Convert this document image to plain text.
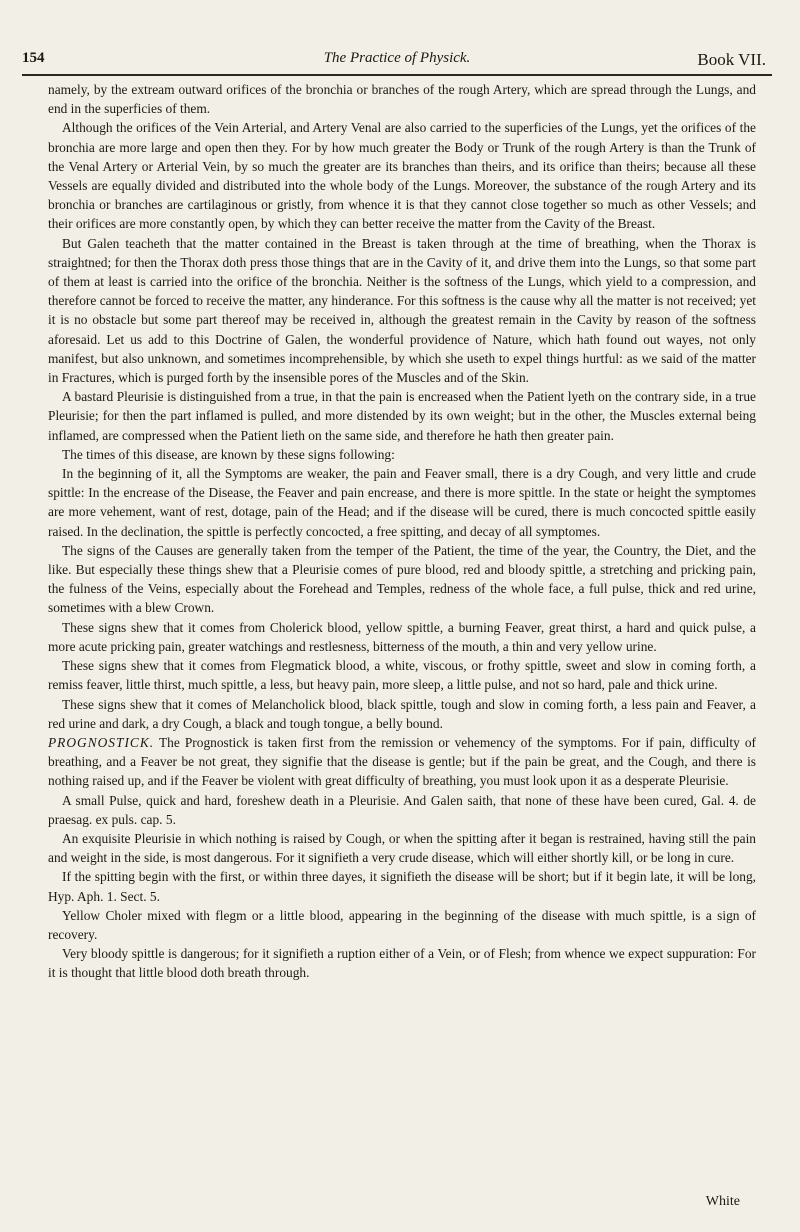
154	The Practice of Physick.	Book VII.

namely, by the extream outward orifices of the bronchia or branches of the rough Artery, which are spread through the Lungs, and end in the superficies of them.

Although the orifices of the Vein Arterial, and Artery Venal are also carried to the superficies of the Lungs, yet the orifices of the bronchia are more large and open then they. For by how much greater the Body or Trunk of the rough Artery is than the Trunk of the Venal Artery or Arterial Vein, by so much the greater are its branches than theirs, and its orifice than theirs; because all these Vessels are equally divided and distributed into the whole body of the Lungs. Moreover, the substance of the rough Artery and its bronchia or branches are cartilaginous or gristly, from whence it is that they cannot close together so much as other Vessels; and their orifices are more constantly open, by which they can better receive the matter from the Cavity of the Breast.

But Galen teacheth that the matter contained in the Breast is taken through at the time of breathing, when the Thorax is straightned; for then the Thorax doth press those things that are in the Cavity of it, and drive them into the Lungs, so that some part of them at least is carried into the orifice of the bronchia. Neither is the softness of the Lungs, which yield to a compression, and therefore cannot be forced to receive the matter, any hinderance. For this softness is the cause why all the matter is not received; yet it is no obstacle but some part thereof may be received in, although the greatest remain in the Cavity by reason of the softness aforesaid. Let us add to this Doctrine of Galen, the wonderful providence of Nature, which hath found out wayes, not only manifest, but also unknown, and sometimes incomprehensible, by which she useth to expel things hurtful: as we said of the matter in Fractures, which is purged forth by the insensible pores of the Muscles and of the Skin.

A bastard Pleurisie is distinguished from a true, in that the pain is encreased when the Patient lyeth on the contrary side, in a true Pleurisie; for then the part inflamed is pulled, and more distended by its own weight; but in the other, the Muscles external being inflamed, are compressed when the Patient lieth on the same side, and therefore he hath then greater pain.

The times of this disease, are known by these signs following:

In the beginning of it, all the Symptoms are weaker, the pain and Feaver small, there is a dry Cough, and very little and crude spittle: In the encrease of the Disease, the Feaver and pain encrease, and there is more spittle. In the state or height the symptomes are more vehement, want of rest, dotage, pain of the Head; and if the disease will be cured, there is much concocted spittle easily raised. In the declination, the spittle is perfectly concocted, a free spitting, and decay of all symptomes.

The signs of the Causes are generally taken from the temper of the Patient, the time of the year, the Country, the Diet, and the like. But especially these things shew that a Pleurisie comes of pure blood, red and bloody spittle, a stretching and pricking pain, the fulness of the Veins, especially about the Forehead and Temples, redness of the whole face, a full pulse, thick and red urine, sometimes with a blew Crown.

These signs shew that it comes from Cholerick blood, yellow spittle, a burning Feaver, great thirst, a hard and quick pulse, a more acute pricking pain, greater watchings and restlesness, bitterness of the mouth, a thin and very yellow urine.

These signs shew that it comes from Flegmatick blood, a white, viscous, or frothy spittle, sweet and slow in coming forth, a remiss feaver, little thirst, much spittle, a less, but heavy pain, more sleep, a little pulse, and not so hard, pale and thick urine.

These signs shew that it comes of Melancholick blood, black spittle, tough and slow in coming forth, a less pain and Feaver, a red urine and dark, a dry Cough, a black and tough tongue, a belly bound.

PROGNOSTICK. The Prognostick is taken first from the remission or vehemency of the symptoms. For if pain, difficulty of breathing, and a Feaver be not great, they signifie that the disease is gentle; but if the pain be great, and the Cough, and there is nothing raised up, and if the Feaver be violent with great difficulty of breathing, you must look upon it as a desperate Pleurisie.

A small Pulse, quick and hard, foreshew death in a Pleurisie. And Galen saith, that none of these have been cured, Gal. 4. de praesag. ex puls. cap. 5.

An exquisite Pleurisie in which nothing is raised by Cough, or when the spitting after it began is restrained, having still the pain and weight in the side, is most dangerous. For it signifieth a very crude disease, which will either shortly kill, or be long in cure.

If the spitting begin with the first, or within three dayes, it signifieth the disease will be short; but if it begin late, it will be long, Hyp. Aph. 1. Sect. 5.

Yellow Choler mixed with flegm or a little blood, appearing in the beginning of the disease with much spittle, is a sign of recovery.

Very bloody spittle is dangerous; for it signifieth a ruption either of a Vein, or of Flesh; from whence we expect suppuration: For it is thought that little blood doth breath through.

White
